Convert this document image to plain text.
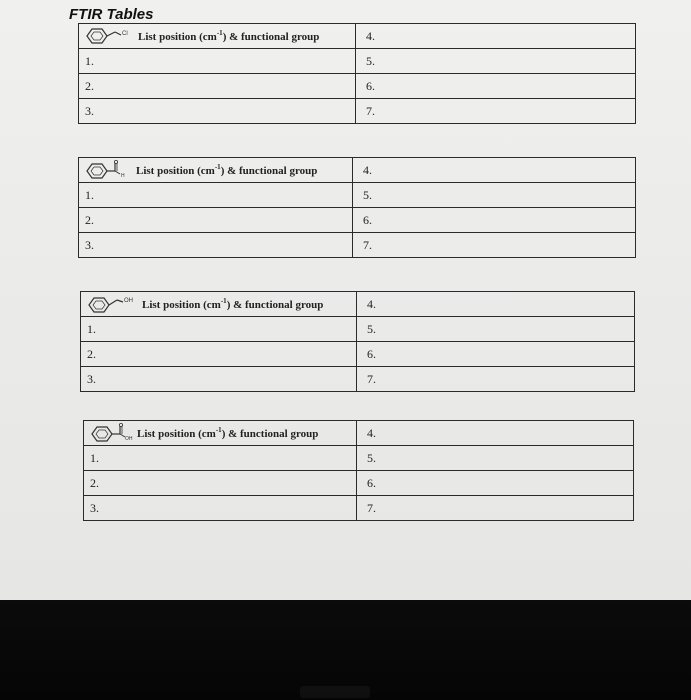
FTIR Tables
Cl List position $(cm^{-1})$ & functional group	4.
1.	5.
2.	6.
3.	7.
H List position $(cm^{-1})$ & functional group	4.
1.	5.
2.	6.
3.	7.
OH List position $(cm^{-1})$ & functional group	4.
1.	5.
2.	6.
3.	7.
OH List position $(cm^{-1})$ & functional group	4.
1.	5.
2.	6.
3.	7.
